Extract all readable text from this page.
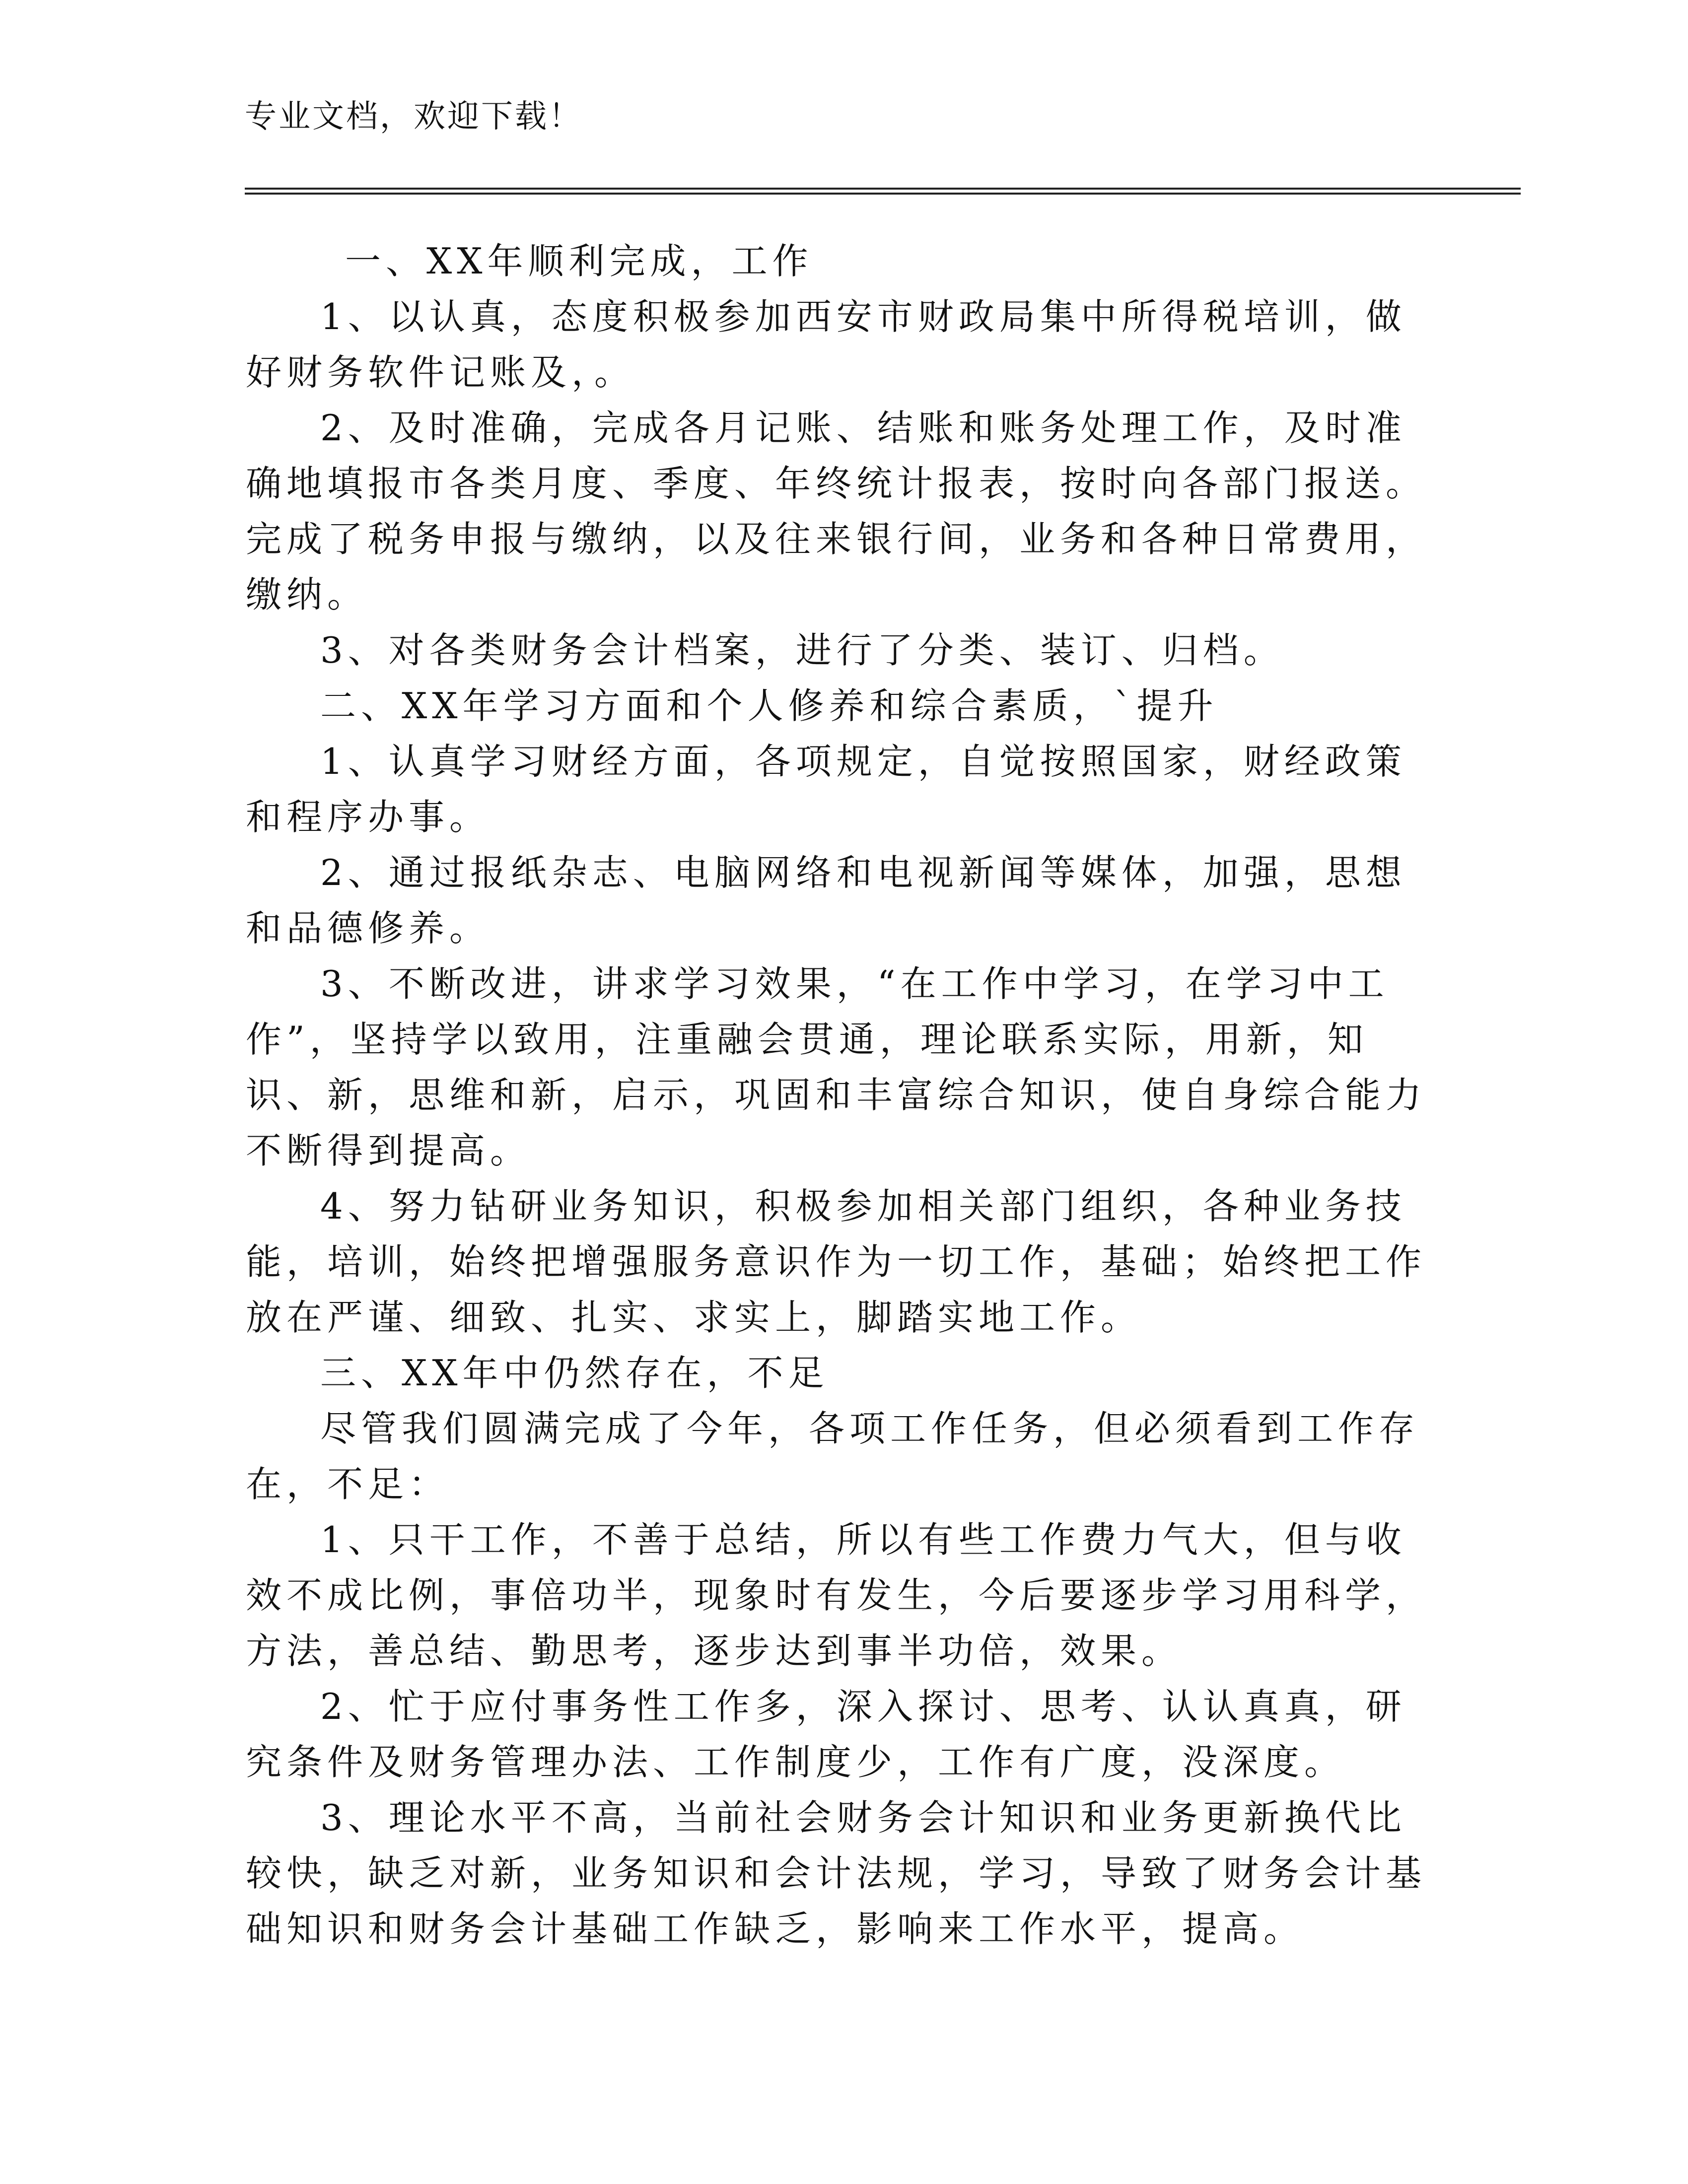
专业文档，欢迎下载！

一、XX年顺利完成，工作

1、以认真，态度积极参加西安市财政局集中所得税培训，做好财务软件记账及，。

2、及时准确，完成各月记账、结账和账务处理工作，及时准确地填报市各类月度、季度、年终统计报表，按时向各部门报送。完成了税务申报与缴纳，以及往来银行间，业务和各种日常费用，缴纳。

3、对各类财务会计档案，进行了分类、装订、归档。

二、XX年学习方面和个人修养和综合素质，`提升

1、认真学习财经方面，各项规定，自觉按照国家，财经政策和程序办事。

2、通过报纸杂志、电脑网络和电视新闻等媒体，加强，思想和品德修养。

3、不断改进，讲求学习效果，“在工作中学习，在学习中工作”，坚持学以致用，注重融会贯通，理论联系实际，用新，知识、新，思维和新，启示，巩固和丰富综合知识，使自身综合能力不断得到提高。

4、努力钻研业务知识，积极参加相关部门组织，各种业务技能，培训，始终把增强服务意识作为一切工作，基础；始终把工作放在严谨、细致、扎实、求实上，脚踏实地工作。

三、XX年中仍然存在，不足

尽管我们圆满完成了今年，各项工作任务，但必须看到工作存在，不足：

1、只干工作，不善于总结，所以有些工作费力气大，但与收效不成比例，事倍功半，现象时有发生，今后要逐步学习用科学，方法，善总结、勤思考，逐步达到事半功倍，效果。

2、忙于应付事务性工作多，深入探讨、思考、认认真真，研究条件及财务管理办法、工作制度少，工作有广度，没深度。

3、理论水平不高，当前社会财务会计知识和业务更新换代比较快，缺乏对新，业务知识和会计法规，学习，导致了财务会计基础知识和财务会计基础工作缺乏，影响来工作水平，提高。
